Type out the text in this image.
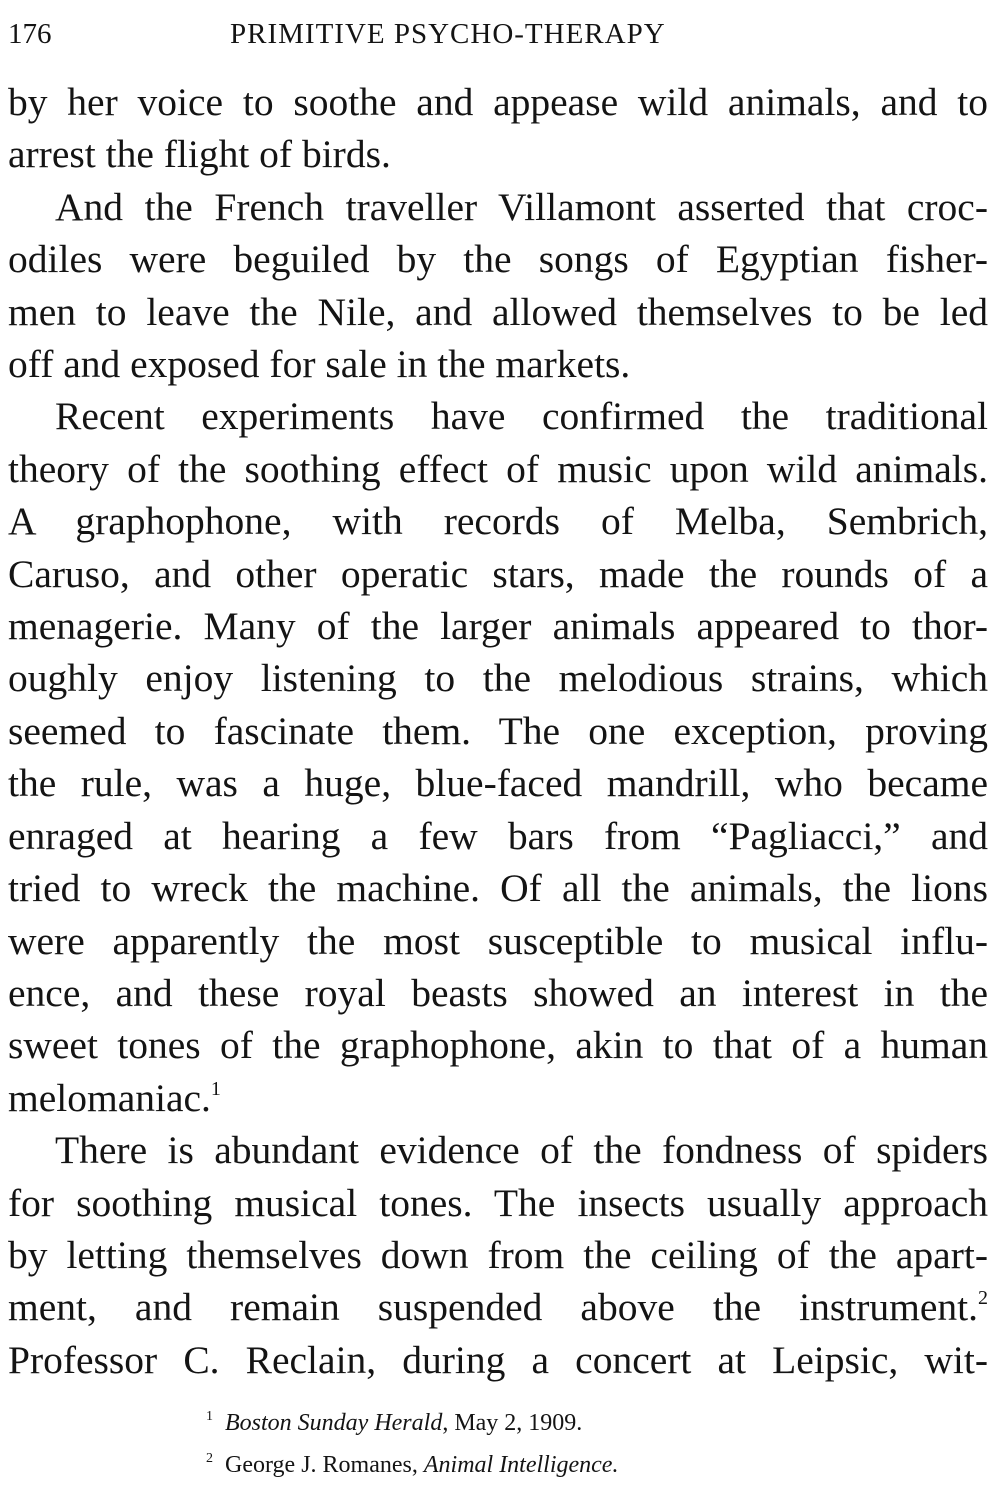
176	PRIMITIVE PSYCHO-THERAPY

by her voice to soothe and appease wild animals, and to
arrest the flight of birds.

And the French traveller Villamont asserted that croc-
odiles were beguiled by the songs of Egyptian fisher-
men to leave the Nile, and allowed themselves to be led
off and exposed for sale in the markets.

Recent experiments have confirmed the traditional
theory of the soothing effect of music upon wild animals.
A graphophone, with records of Melba, Sembrich,
Caruso, and other operatic stars, made the rounds of a
menagerie. Many of the larger animals appeared to thor-
oughly enjoy listening to the melodious strains, which
seemed to fascinate them. The one exception, proving
the rule, was a huge, blue-faced mandrill, who became
enraged at hearing a few bars from “Pagliacci,” and
tried to wreck the machine. Of all the animals, the lions
were apparently the most susceptible to musical influ-
ence, and these royal beasts showed an interest in the
sweet tones of the graphophone, akin to that of a human
melomaniac.$^1$

There is abundant evidence of the fondness of spiders
for soothing musical tones. The insects usually approach
by letting themselves down from the ceiling of the apart-
ment, and remain suspended above the instrument.$^2$
Professor C. Reclain, during a concert at Leipsic, wit-

$^1$ Boston Sunday Herald, May 2, 1909.
$^2$ George J. Romanes, Animal Intelligence.
